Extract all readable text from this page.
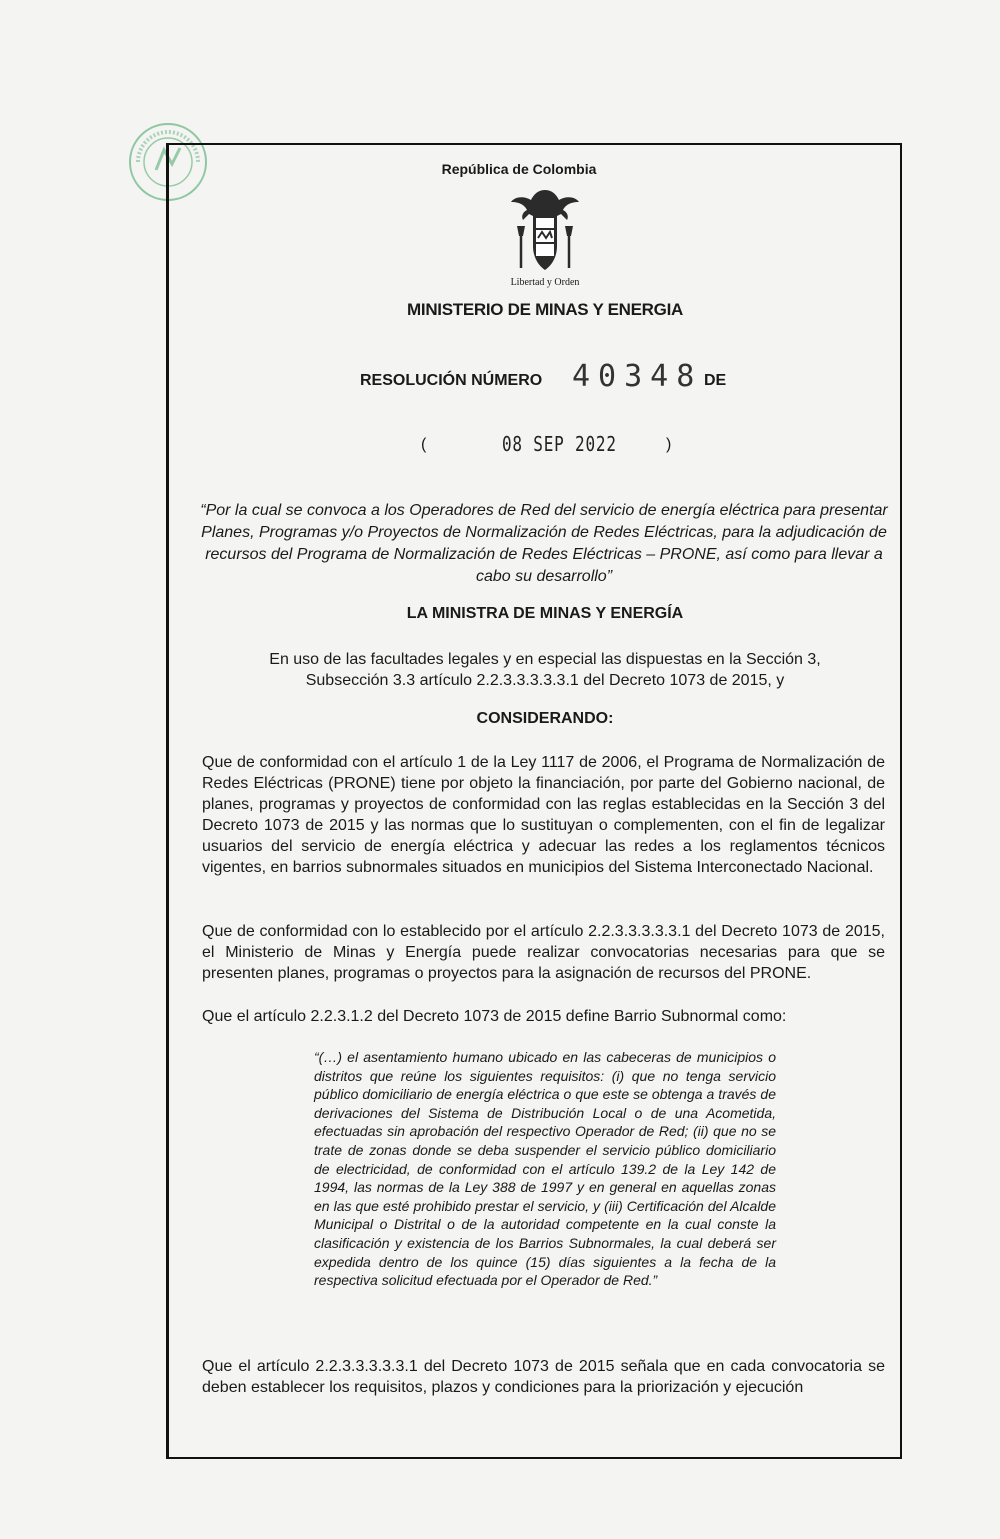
República de Colombia
Libertad y Orden
MINISTERIO DE MINAS Y ENERGIA
RESOLUCIÓN NÚMERO 40348 DE
(	08 SEP 2022	)
“Por la cual se convoca a los Operadores de Red del servicio de energía eléctrica para presentar Planes, Programas y/o Proyectos de Normalización de Redes Eléctricas, para la adjudicación de recursos del Programa de Normalización de Redes Eléctricas – PRONE, así como para llevar a cabo su desarrollo”
LA MINISTRA DE MINAS Y ENERGÍA
En uso de las facultades legales y en especial las dispuestas en la Sección 3, Subsección 3.3 artículo 2.2.3.3.3.3.3.1 del Decreto 1073 de 2015, y
CONSIDERANDO:
Que de conformidad con el artículo 1 de la Ley 1117 de 2006, el Programa de Normalización de Redes Eléctricas (PRONE) tiene por objeto la financiación, por parte del Gobierno nacional, de planes, programas y proyectos de conformidad con las reglas establecidas en la Sección 3 del Decreto 1073 de 2015 y las normas que lo sustituyan o complementen, con el fin de legalizar usuarios del servicio de energía eléctrica y adecuar las redes a los reglamentos técnicos vigentes, en barrios subnormales situados en municipios del Sistema Interconectado Nacional.
Que de conformidad con lo establecido por el artículo 2.2.3.3.3.3.3.1 del Decreto 1073 de 2015, el Ministerio de Minas y Energía puede realizar convocatorias necesarias para que se presenten planes, programas o proyectos para la asignación de recursos del PRONE.
Que el artículo 2.2.3.1.2 del Decreto 1073 de 2015 define Barrio Subnormal como:
“(…) el asentamiento humano ubicado en las cabeceras de municipios o distritos que reúne los siguientes requisitos: (i) que no tenga servicio público domiciliario de energía eléctrica o que este se obtenga a través de derivaciones del Sistema de Distribución Local o de una Acometida, efectuadas sin aprobación del respectivo Operador de Red; (ii) que no se trate de zonas donde se deba suspender el servicio público domiciliario de electricidad, de conformidad con el artículo 139.2 de la Ley 142 de 1994, las normas de la Ley 388 de 1997 y en general en aquellas zonas en las que esté prohibido prestar el servicio, y (iii) Certificación del Alcalde Municipal o Distrital o de la autoridad competente en la cual conste la clasificación y existencia de los Barrios Subnormales, la cual deberá ser expedida dentro de los quince (15) días siguientes a la fecha de la respectiva solicitud efectuada por el Operador de Red.”
Que el artículo 2.2.3.3.3.3.3.1 del Decreto 1073 de 2015 señala que en cada convocatoria se deben establecer los requisitos, plazos y condiciones para la priorización y ejecución
